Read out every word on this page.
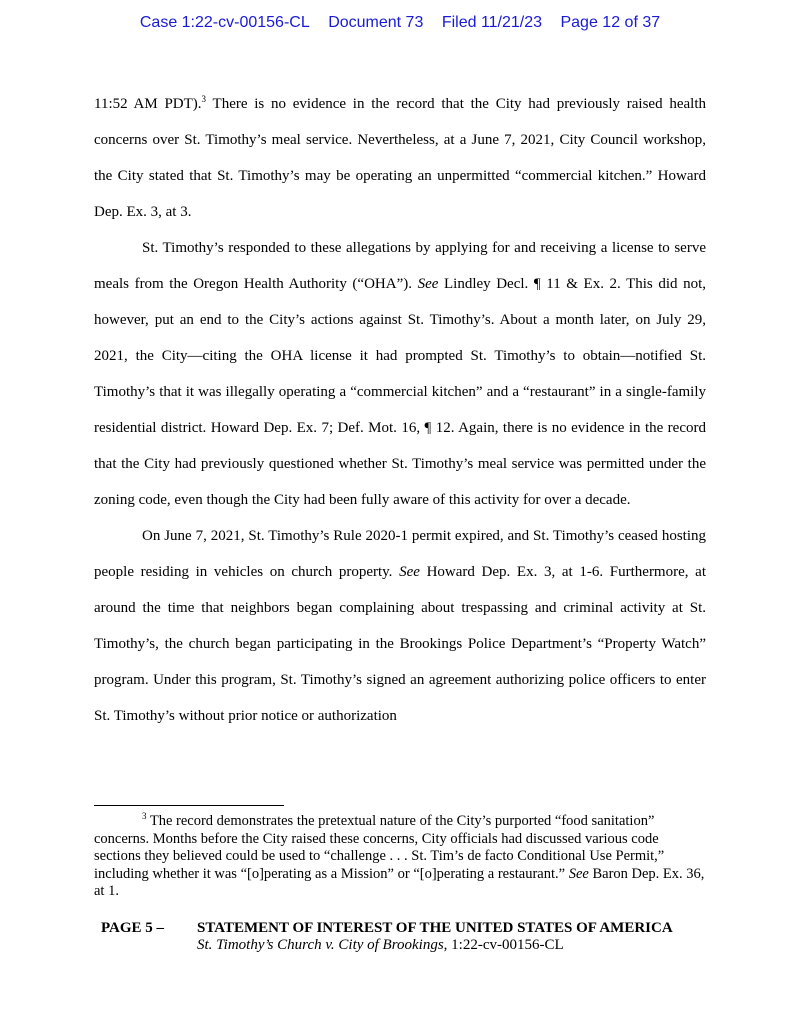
Case 1:22-cv-00156-CL Document 73 Filed 11/21/23 Page 12 of 37

11:52 AM PDT).$^3$ There is no evidence in the record that the City had previously raised health concerns over St. Timothy’s meal service. Nevertheless, at a June 7, 2021, City Council workshop, the City stated that St. Timothy’s may be operating an unpermitted “commercial kitchen.” Howard Dep. Ex. 3, at 3.

St. Timothy’s responded to these allegations by applying for and receiving a license to serve meals from the Oregon Health Authority (“OHA”). See Lindley Decl. ¶ 11 & Ex. 2. This did not, however, put an end to the City’s actions against St. Timothy’s. About a month later, on July 29, 2021, the City—citing the OHA license it had prompted St. Timothy’s to obtain—notified St. Timothy’s that it was illegally operating a “commercial kitchen” and a “restaurant” in a single-family residential district. Howard Dep. Ex. 7; Def. Mot. 16, ¶ 12. Again, there is no evidence in the record that the City had previously questioned whether St. Timothy’s meal service was permitted under the zoning code, even though the City had been fully aware of this activity for over a decade.

On June 7, 2021, St. Timothy’s Rule 2020-1 permit expired, and St. Timothy’s ceased hosting people residing in vehicles on church property. See Howard Dep. Ex. 3, at 1-6. Furthermore, at around the time that neighbors began complaining about trespassing and criminal activity at St. Timothy’s, the church began participating in the Brookings Police Department’s “Property Watch” program. Under this program, St. Timothy’s signed an agreement authorizing police officers to enter St. Timothy’s without prior notice or authorization

$^3$ The record demonstrates the pretextual nature of the City’s purported “food sanitation” concerns. Months before the City raised these concerns, City officials had discussed various code sections they believed could be used to “challenge . . . St. Tim’s de facto Conditional Use Permit,” including whether it was “[o]perating as a Mission” or “[o]perating a restaurant.” See Baron Dep. Ex. 36, at 1.

PAGE 5 – STATEMENT OF INTEREST OF THE UNITED STATES OF AMERICA
St. Timothy’s Church v. City of Brookings, 1:22-cv-00156-CL
